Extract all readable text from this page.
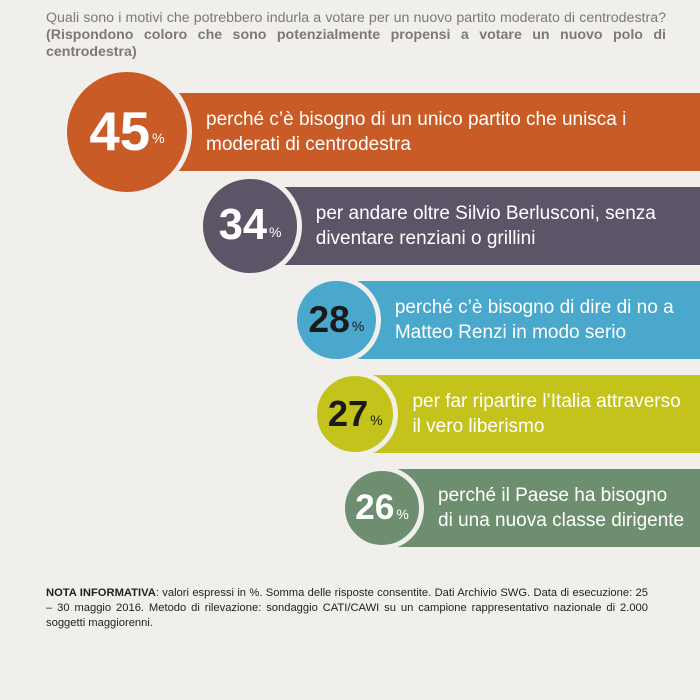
Quali sono i motivi che potrebbero indurla a votare per un nuovo partito moderato di centrodestra? (Rispondono coloro che sono potenzialmente propensi a votare un nuovo polo di centrodestra)

perché c’è bisogno di un unico partito che unisca i moderati di centrodestra
45 %
per andare oltre Silvio Berlusconi, senza diventare renziani o grillini
34 %
perché c’è bisogno di dire di no a Matteo Renzi in modo serio
28 %
per far ripartire l’Italia attraverso il vero liberismo
27 %
perché il Paese ha bisogno di una nuova classe dirigente
26 %

NOTA INFORMATIVA: valori espressi in %. Somma delle risposte consentite. Dati Archivio SWG. Data di esecuzione: 25 – 30 maggio 2016. Metodo di rilevazione: sondaggio CATI/CAWI su un campione rappresentativo nazionale di 2.000 soggetti maggiorenni.
